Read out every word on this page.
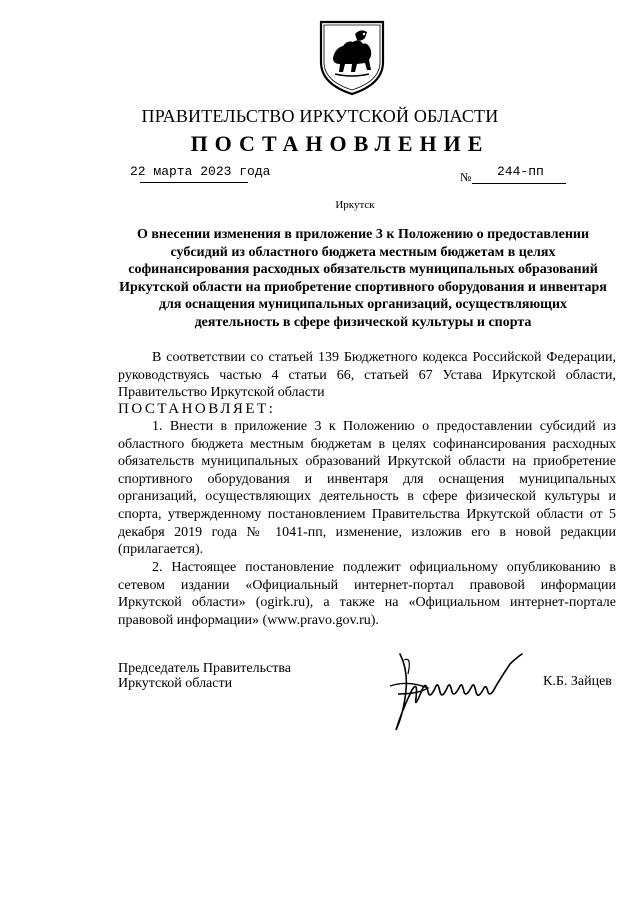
ПРАВИТЕЛЬСТВО ИРКУТСКОЙ ОБЛАСТИ
ПОСТАНОВЛЕНИЕ
22 марта 2023 года	№ 244-пп
Иркутск
О внесении изменения в приложение 3 к Положению о предоставлении субсидий из областного бюджета местным бюджетам в целях софинансирования расходных обязательств муниципальных образований Иркутской области на приобретение спортивного оборудования и инвентаря для оснащения муниципальных организаций, осуществляющих деятельность в сфере физической культуры и спорта
В соответствии со статьей 139 Бюджетного кодекса Российской Федерации, руководствуясь частью 4 статьи 66, статьей 67 Устава Иркутской области, Правительство Иркутской области
ПОСТАНОВЛЯЕТ:
1. Внести в приложение 3 к Положению о предоставлении субсидий из областного бюджета местным бюджетам в целях софинансирования расходных обязательств муниципальных образований Иркутской области на приобретение спортивного оборудования и инвентаря для оснащения муниципальных организаций, осуществляющих деятельность в сфере физической культуры и спорта, утвержденному постановлением Правительства Иркутской области от 5 декабря 2019 года № 1041-пп, изменение, изложив его в новой редакции (прилагается).
2. Настоящее постановление подлежит официальному опубликованию в сетевом издании «Официальный интернет-портал правовой информации Иркутской области» (ogirk.ru), а также на «Официальном интернет-портале правовой информации» (www.pravo.gov.ru).
Председатель Правительства
Иркутской области	К.Б. Зайцев
